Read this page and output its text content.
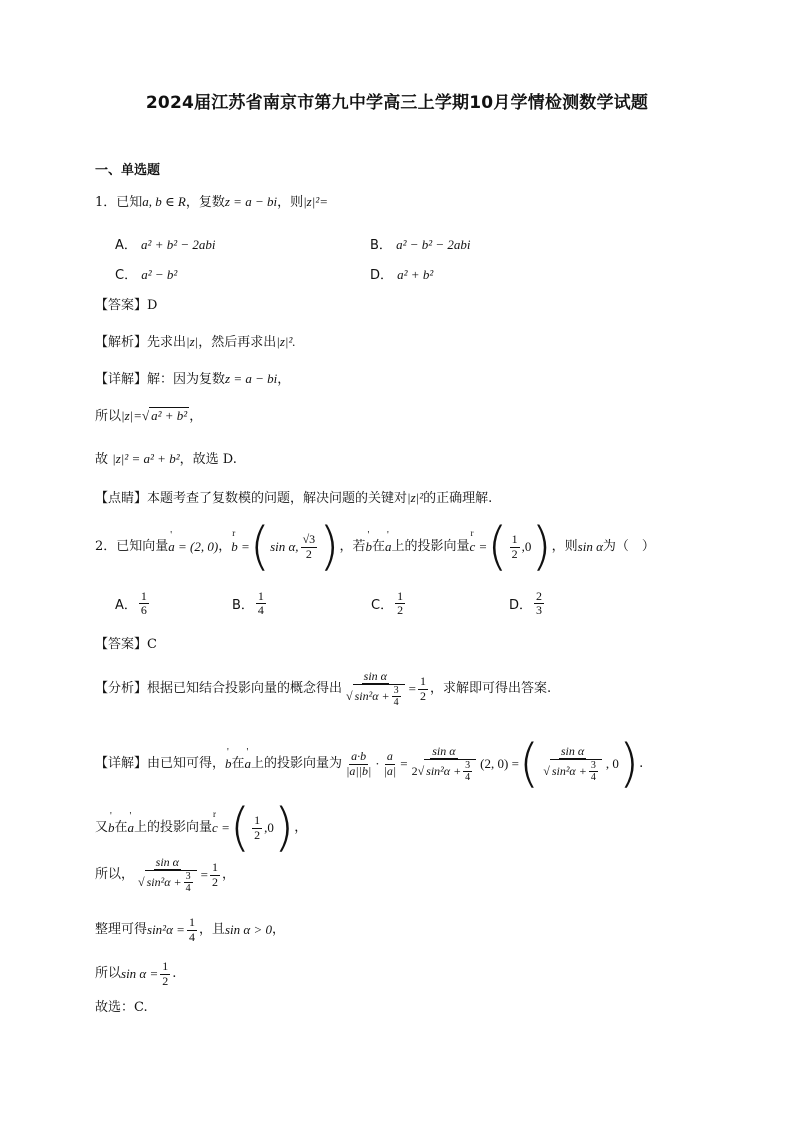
2024届江苏省南京市第九中学高三上学期10月学情检测数学试题
一、单选题
1．已知a, b ∈ R，复数z = a − bi，则|z|²=
A． a² + b² − 2abi	B． a² − b² − 2abi
C． a² − b²	D． a² + b²
【答案】D
【解析】先求出|z|，然后再求出|z|².
【详解】解：因为复数z = a − bi，
所以|z|=√ a² + b² ，
故 |z|² = a² + b²，故选 D.
【点睛】本题考查了复数模的问题，解决问题的关键对|z|²的正确理解.
2．已知向量 ' a = (2, 0) ， r b = ( sin α, $\frac{√3}{2}$ ) ，若 ' b 在 ' a 上的投影向量 r c = ( $\frac{1}{2} ,0$ ) ，则 sin α 为（　）
A． $\frac{1}{6}$	B． $\frac{1}{4}$	C． $\frac{1}{2}$	D． $\frac{2}{3}$
【答案】C
【分析】 根据已知结合投影向量的概念得出 $\frac{\text{sin α}}{√ \sin^2\alpha + \frac{3}{4}} = \frac{1}{2}$ ，求解即可得出答案.
【详解】 由已知可得， ' b 在 ' a 上的投影向量为 $\frac{a\cdot b}{|a||b|} \cdot \frac{a}{|a|} = \frac{\text{sin α}}{2 √ \sin^2\alpha + \frac{3}{4}} (2$, 0) = ( $\frac{\text{sin α}}{√ \sin^2\alpha + \frac{3}{4}}$ , 0 ) .
又 ' b 在 ' a 上的投影向量 r c = ( $\frac{1}{2} ,0$ ) ，
所以， $\frac{\text{sin α}}{√ \sin^2\alpha + \frac{3}{4}} = \frac{1}{2}$ ，
整理可得 $\sin^2\alpha = \frac{1}{4}$ ，且 sin α > 0 ，
所以 $\sin \alpha = \frac{1}{2}$ .
故选：C.
